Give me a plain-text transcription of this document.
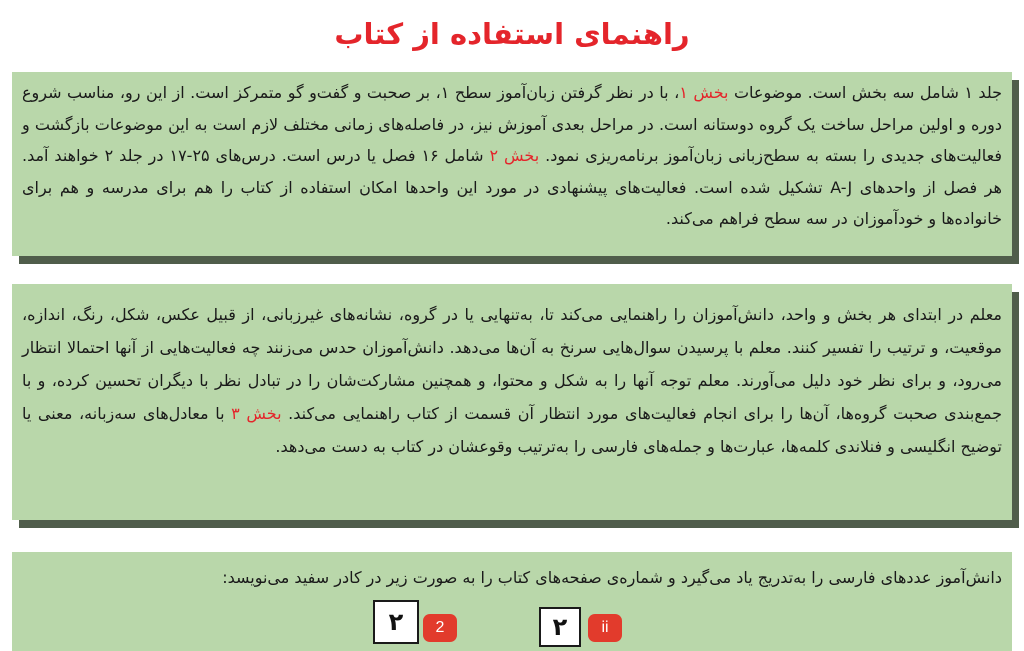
راهنمای استفاده از کتاب

جلد ۱ شامل سه بخش است. موضوعات بخش ۱، با در نظر گرفتن زبان‌آموز سطح ۱، بر صحبت و گفت‌و گو متمرکز است. از این رو، مناسب شروع دوره و اولین مراحل ساخت یک گروه دوستانه است. در مراحل بعدی آموزش نیز، در فاصله‌های زمانی مختلف لازم است به این موضوعات بازگشت و فعالیت‌های جدیدی را بسته به سطح‌زبانی زبان‌آموز برنامه‌ریزی نمود. بخش ۲ شامل ۱۶ فصل یا درس است. درس‌های ۲۵-۱۷ در جلد ۲ خواهند آمد. هر فصل از واحدهای A-J تشکیل شده است. فعالیت‌های پیشنهادی در مورد این واحدها امکان استفاده از کتاب را هم برای مدرسه و هم برای خانواده‌ها و خودآموزان در سه سطح فراهم می‌کند.

معلم در ابتدای هر بخش و واحد، دانش‌آموزان را راهنمایی می‌کند تا، به‌تنهایی یا در گروه، نشانه‌های غیرزبانی، از قبیل عکس، شکل، رنگ، اندازه، موقعیت، و ترتیب را تفسیر کنند. معلم با پرسیدن سوال‌هایی سرنخ به آن‌ها می‌دهد. دانش‌آموزان حدس می‌زنند چه فعالیت‌هایی از آنها احتمالا انتظار می‌رود، و برای نظر خود دلیل می‌آورند. معلم توجه آنها را به شکل و محتوا، و همچنین مشارکت‌شان را در تبادل نظر با دیگران تحسین کرده، و با جمع‌بندی صحبت گروه‌ها، آن‌ها را برای انجام فعالیت‌های مورد انتظار آن قسمت از کتاب راهنمایی می‌کند. بخش ۳ با معادل‌های سه‌زبانه، معنی یا توضیح انگلیسی و فنلاندی کلمه‌ها، عبارت‌ها و جمله‌های فارسی را به‌ترتیب وقوعشان در کتاب به دست می‌دهد.

دانش‌آموز عددهای فارسی را به‌تدریج یاد می‌گیرد و شماره‌ی صفحه‌های کتاب را به صورت زیر در کادر سفید می‌نویسد:

ii
۲
2
۲
